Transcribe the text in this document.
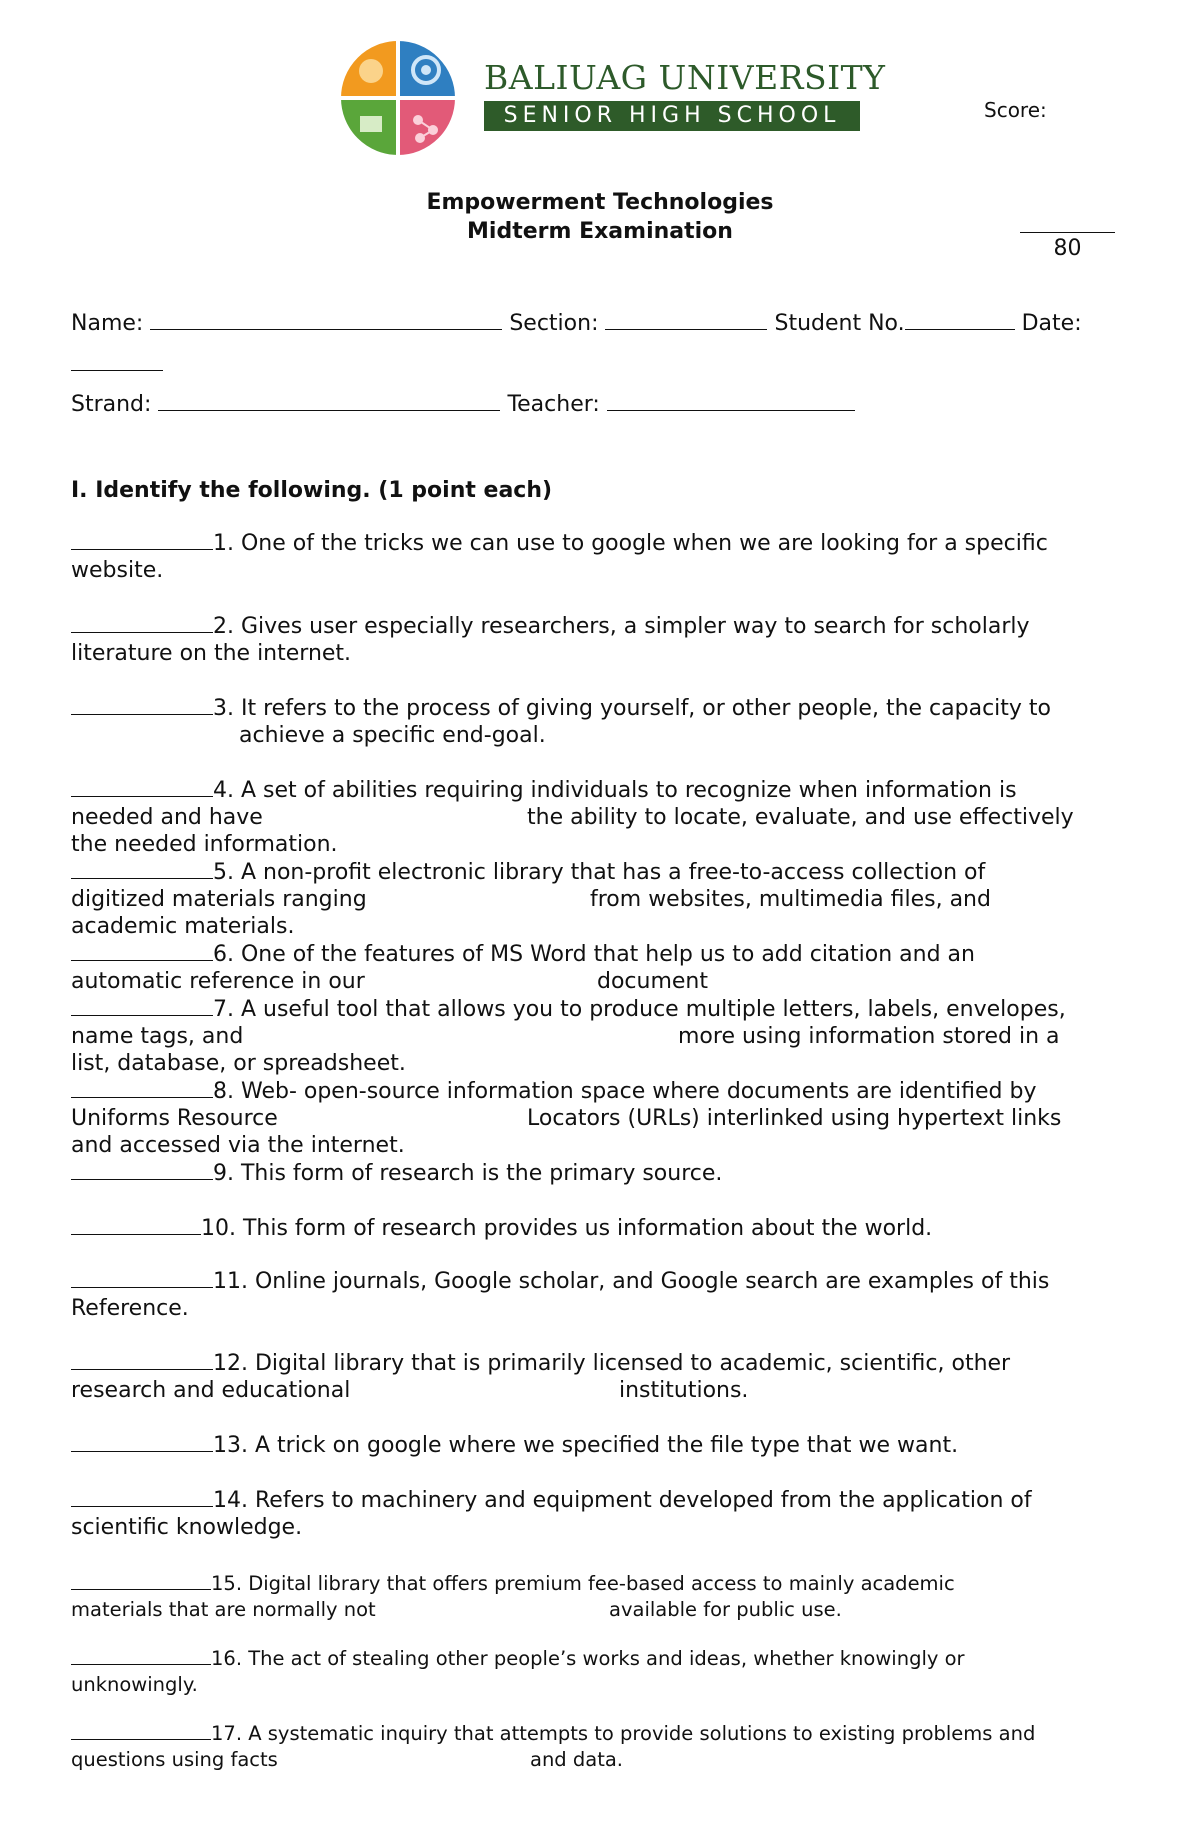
BALIUAG UNIVERSITY
SENIOR HIGH SCHOOL	Score:
Empowerment Technologies
Midterm Examination
80
Name:	Section:	Student No.	Date:
Strand:	Teacher:
I. Identify the following. (1 point each)
1. One of the tricks we can use to google when we are looking for a specific
website.
2. Gives user especially researchers, a simpler way to search for scholarly
literature on the internet.
3. It refers to the process of giving yourself, or other people, the capacity to
achieve a specific end-goal.
4. A set of abilities requiring individuals to recognize when information is
needed and have	the ability to locate, evaluate, and use effectively

the needed information.
5. A non-profit electronic library that has a free-to-access collection of
digitized materials ranging	from websites, multimedia files, and

academic materials.
6. One of the features of MS Word that help us to add citation and an
automatic reference in our	document
7. A useful tool that allows you to produce multiple letters, labels, envelopes,
name tags, and	more using information stored in a

list, database, or spreadsheet.
8. Web- open-source information space where documents are identified by
Uniforms Resource	Locators (URLs) interlinked using hypertext links

and accessed via the internet.
9. This form of research is the primary source.
10. This form of research provides us information about the world.
11. Online journals, Google scholar, and Google search are examples of this
Reference.
12. Digital library that is primarily licensed to academic, scientific, other
research and educational	institutions.
13. A trick on google where we specified the file type that we want.
14. Refers to machinery and equipment developed from the application of
scientific knowledge.
15. Digital library that offers premium fee-based access to mainly academic
materials that are normally not	available for public use.
16. The act of stealing other people’s works and ideas, whether knowingly or
unknowingly.
17. A systematic inquiry that attempts to provide solutions to existing problems and
questions using facts	and data.
